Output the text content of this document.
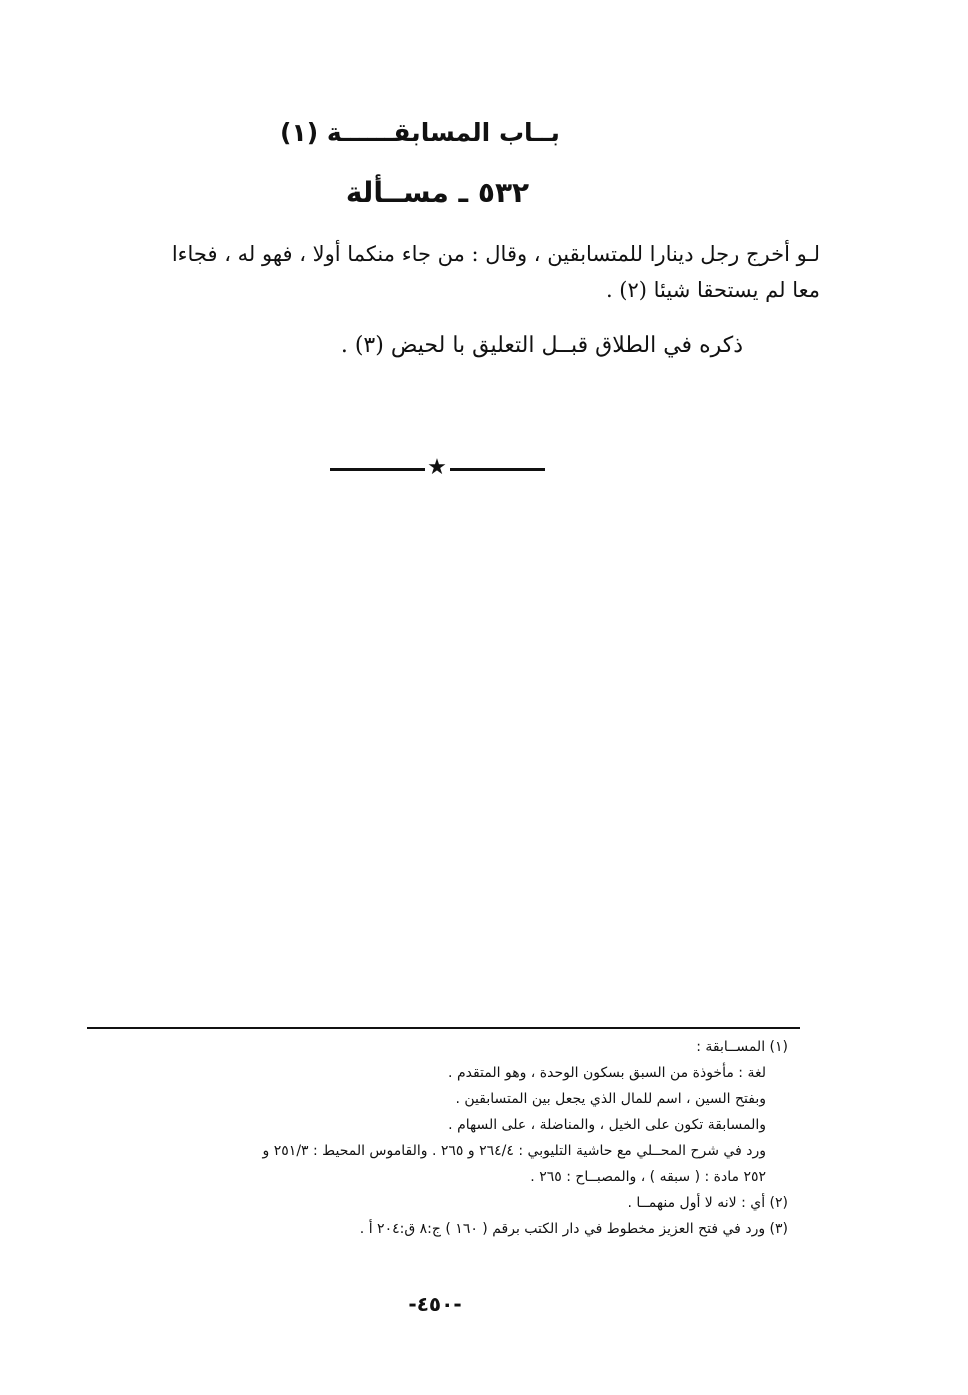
بــاب المسابقــــــة (١)
٥٣٢ ـ مســألة
لـو أخرج رجل دينارا للمتسابقين ، وقال : من جاء منكما أولا ، فهو له ، فجاءا
معا لم يستحقا شيئا (٢) .
ذكره في الطلاق قبــل التعليق با لحيض (٣) .
★
(١) المســابقة :
لغة : مأخوذة من السبق بسكون الوحدة ، وهو المتقدم .
وبفتح السين ، اسم للمال الذي يجعل بين المتسابقين .
والمسابقة تكون على الخيل ، والمناضلة ، على السهام .
ورد في شرح المحــلي مع حاشية التليوبي : ٢٦٤/٤ و ٢٦٥ . والقاموس المحيط : ٢٥١/٣ و
٢٥٢ مادة : ( سبقه ) ، والمصبــاح : ٢٦٥ .
(٢) أي : لانه لا أول منهمــا .
(٣) ورد في فتح العزيز مخطوط في دار الكتب برقم ( ١٦٠ ) ج:٨ ق:٢٠٤ أ .
-٤٥٠-
